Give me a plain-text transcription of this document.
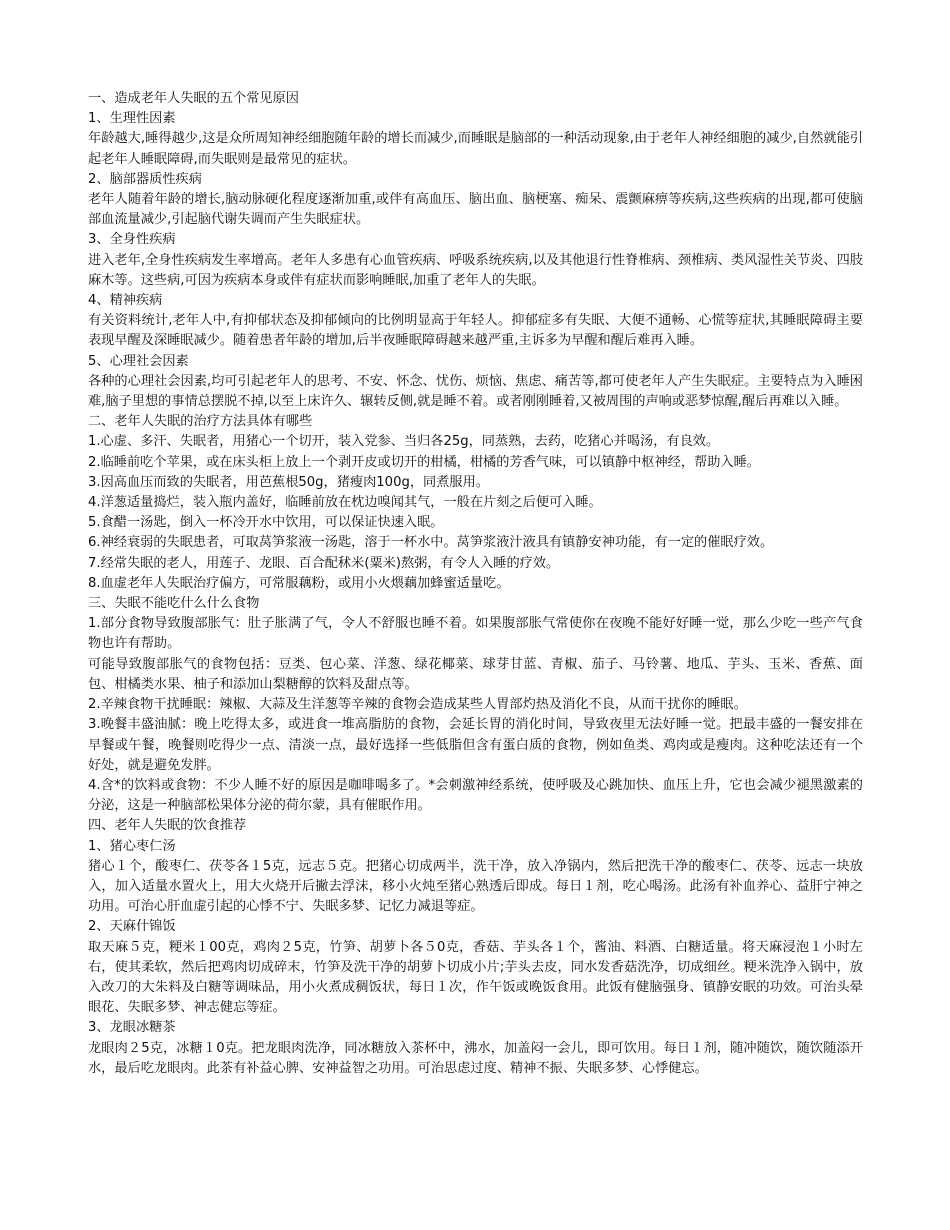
一、造成老年人失眠的五个常见原因

1、生理性因素

年龄越大,睡得越少,这是众所周知神经细胞随年龄的增长而减少,而睡眠是脑部的一种活动现象,由于老年人神经细胞的减少,自然就能引起老年人睡眠障碍,而失眠则是最常见的症状。

2、脑部器质性疾病

老年人随着年龄的增长,脑动脉硬化程度逐渐加重,或伴有高血压、脑出血、脑梗塞、痴呆、震颤麻痹等疾病,这些疾病的出现,都可使脑部血流量减少,引起脑代谢失调而产生失眠症状。

3、全身性疾病

进入老年,全身性疾病发生率增高。老年人多患有心血管疾病、呼吸系统疾病,以及其他退行性脊椎病、颈椎病、类风湿性关节炎、四肢麻木等。这些病,可因为疾病本身或伴有症状而影响睡眠,加重了老年人的失眠。

4、精神疾病

有关资料统计,老年人中,有抑郁状态及抑郁倾向的比例明显高于年轻人。抑郁症多有失眠、大便不通畅、心慌等症状,其睡眠障碍主要表现早醒及深睡眠减少。随着患者年龄的增加,后半夜睡眠障碍越来越严重,主诉多为早醒和醒后难再入睡。

5、心理社会因素

各种的心理社会因素,均可引起老年人的思考、不安、怀念、忧伤、烦恼、焦虑、痛苦等,都可使老年人产生失眠症。主要特点为入睡困难,脑子里想的事情总摆脱不掉,以至上床许久、辗转反侧,就是睡不着。或者刚刚睡着,又被周围的声响或恶梦惊醒,醒后再难以入睡。

二、老年人失眠的治疗方法具体有哪些

1.心虚、多汗、失眠者，用猪心一个切开，装入党参、当归各25g，同蒸熟，去药，吃猪心并喝汤，有良效。

2.临睡前吃个苹果，或在床头柜上放上一个剥开皮或切开的柑橘，柑橘的芳香气味，可以镇静中枢神经，帮助入睡。

3.因高血压而致的失眠者，用芭蕉根50g，猪瘦肉100g，同煮服用。

4.洋葱适量捣烂，装入瓶内盖好，临睡前放在枕边嗅闻其气，一般在片刻之后便可入睡。

5.食醋一汤匙，倒入一杯冷开水中饮用，可以保证快速入眠。

6.神经衰弱的失眠患者，可取莴笋浆液一汤匙，溶于一杯水中。莴笋浆液汁液具有镇静安神功能，有一定的催眠疗效。

7.经常失眠的老人，用莲子、龙眼、百合配秫米(粟米)熬粥，有令人入睡的疗效。

8.血虚老年人失眠治疗偏方，可常服藕粉，或用小火煨藕加蜂蜜适量吃。

三、失眠不能吃什么什么食物

1.部分食物导致腹部胀气：肚子胀满了气，令人不舒服也睡不着。如果腹部胀气常使你在夜晚不能好好睡一觉，那么少吃一些产气食物也许有帮助。

可能导致腹部胀气的食物包括：豆类、包心菜、洋葱、绿花椰菜、球芽甘蓝、青椒、茄子、马铃薯、地瓜、芋头、玉米、香蕉、面包、柑橘类水果、柚子和添加山梨糖醇的饮料及甜点等。

2.辛辣食物干扰睡眠：辣椒、大蒜及生洋葱等辛辣的食物会造成某些人胃部灼热及消化不良，从而干扰你的睡眠。

3.晚餐丰盛油腻：晚上吃得太多，或进食一堆高脂肪的食物，会延长胃的消化时间，导致夜里无法好睡一觉。把最丰盛的一餐安排在早餐或午餐，晚餐则吃得少一点、清淡一点，最好选择一些低脂但含有蛋白质的食物，例如鱼类、鸡肉或是瘦肉。这种吃法还有一个好处，就是避免发胖。

4.含*的饮料或食物：不少人睡不好的原因是咖啡喝多了。*会刺激神经系统，使呼吸及心跳加快、血压上升，它也会减少褪黑激素的分泌，这是一种脑部松果体分泌的荷尔蒙，具有催眠作用。

四、老年人失眠的饮食推荐

1、猪心枣仁汤

猪心１个，酸枣仁、茯苓各１5克，远志５克。把猪心切成两半，洗干净，放入净锅内，然后把洗干净的酸枣仁、茯苓、远志一块放入，加入适量水置火上，用大火烧开后撇去浮沫，移小火炖至猪心熟透后即成。每日１剂，吃心喝汤。此汤有补血养心、益肝宁神之功用。可治心肝血虚引起的心悸不宁、失眠多梦、记忆力减退等症。

2、天麻什锦饭

取天麻５克，粳米１00克，鸡肉２5克，竹笋、胡萝卜各５0克，香菇、芋头各１个，酱油、料酒、白糖适量。将天麻浸泡１小时左右，使其柔软，然后把鸡肉切成碎末，竹笋及洗干净的胡萝卜切成小片;芋头去皮，同水发香菇洗净，切成细丝。粳米洗净入锅中，放入改刀的大朱料及白糖等调味品，用小火煮成稠饭状，每日１次，作午饭或晚饭食用。此饭有健脑强身、镇静安眠的功效。可治头晕眼花、失眠多梦、神志健忘等症。

3、龙眼冰糖茶

龙眼肉２5克，冰糖１0克。把龙眼肉洗净，同冰糖放入茶杯中，沸水，加盖闷一会儿，即可饮用。每日１剂，随冲随饮，随饮随添开水，最后吃龙眼肉。此茶有补益心脾、安神益智之功用。可治思虑过度、精神不振、失眠多梦、心悸健忘。
